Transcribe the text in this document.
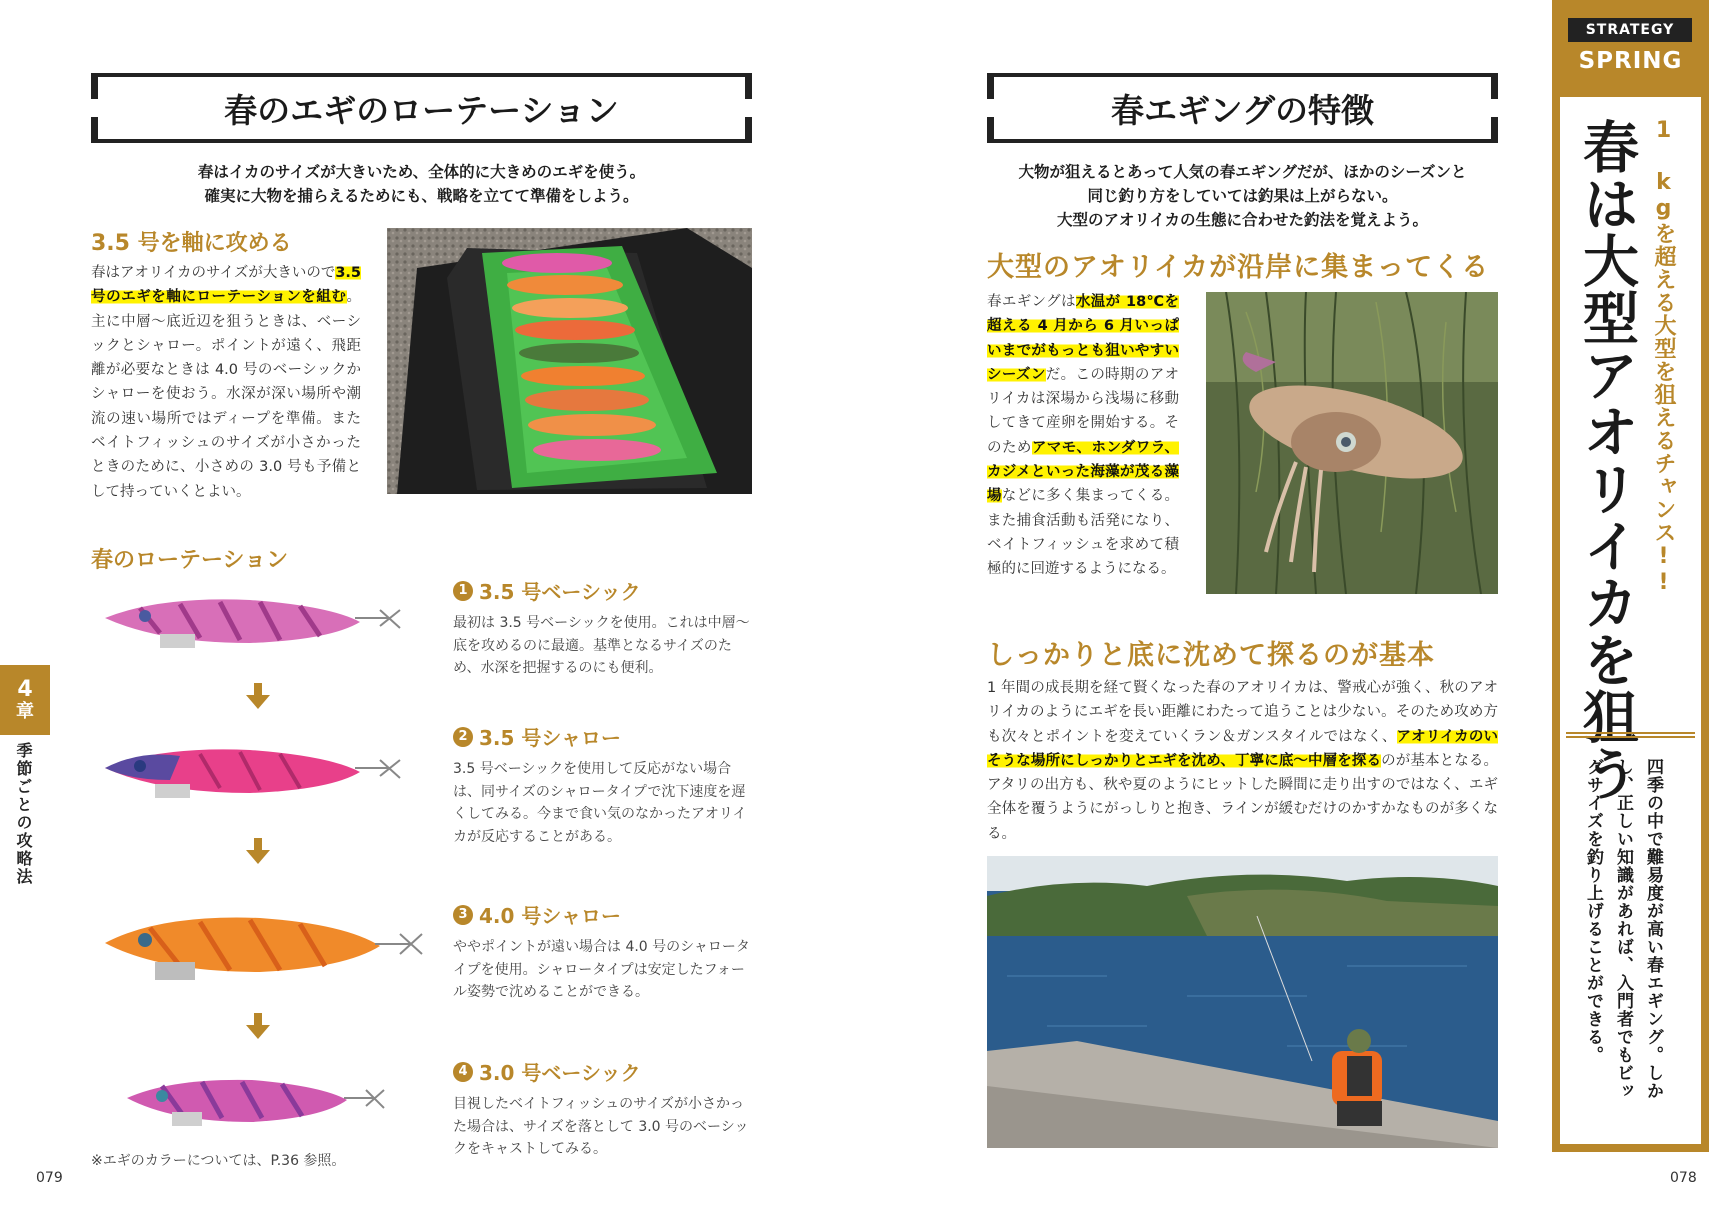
春のエギのローテーション
春はイカのサイズが大きいため、全体的に大きめのエギを使う。
確実に大物を捕らえるためにも、戦略を立てて準備をしよう。
3.5 号を軸に攻める
春はアオリイカのサイズが大きいので3.5 号のエギを軸にローテーションを組む。主に中層〜底近辺を狙うときは、ベーシックとシャロー。ポイントが遠く、飛距離が必要なときは 4.0 号のベーシックかシャローを使おう。水深が深い場所や潮流の速い場所ではディープを準備。またベイトフィッシュのサイズが小さかったときのために、小さめの 3.0 号も予備として持っていくとよい。
春のローテーション
1 3.5 号ベーシック
最初は 3.5 号ベーシックを使用。これは中層〜底を攻めるのに最適。基準となるサイズのため、水深を把握するのにも便利。
2 3.5 号シャロー
3.5 号ベーシックを使用して反応がない場合は、同サイズのシャロータイプで沈下速度を遅くしてみる。今まで食い気のなかったアオリイカが反応することがある。
3 4.0 号シャロー
ややポイントが遠い場合は 4.0 号のシャロータイプを使用。シャロータイプは安定したフォール姿勢で沈めることができる。
4 3.0 号ベーシック
目視したベイトフィッシュのサイズが小さかった場合は、サイズを落として 3.0 号のベーシックをキャストしてみる。
※エギのカラーについては、P.36 参照。
079
4
章
季節ごとの攻略法
春エギングの特徴
大物が狙えるとあって人気の春エギングだが、ほかのシーズンと
同じ釣り方をしていては釣果は上がらない。
大型のアオリイカの生態に合わせた釣法を覚えよう。
大型のアオリイカが沿岸に集まってくる
春エギングは水温が 18℃を超える 4 月から 6 月いっぱいまでがもっとも狙いやすいシーズンだ。この時期のアオリイカは深場から浅場に移動してきて産卵を開始する。そのためアマモ、ホンダワラ、カジメといった海藻が茂る藻場などに多く集まってくる。また捕食活動も活発になり、ベイトフィッシュを求めて積極的に回遊するようになる。
しっかりと底に沈めて探るのが基本
1 年間の成長期を経て賢くなった春のアオリイカは、警戒心が強く、秋のアオリイカのようにエギを長い距離にわたって追うことは少ない。そのため攻め方も次々とポイントを変えていくラン＆ガンスタイルではなく、アオリイカのいそうな場所にしっかりとエギを沈め、丁寧に底〜中層を探るのが基本となる。アタリの出方も、秋や夏のようにヒットした瞬間に走り出すのではなく、エギ全体を覆うようにがっしりと抱き、ラインが緩むだけのかすかなものが多くなる。
078
STRATEGY
SPRING
1 kgを超える大型を狙えるチャンス!!
春は大型アオリイカを狙う
四季の中で難易度が高い春エギング。しか
し、正しい知識があれば、入門者でもビッ
グサイズを釣り上げることができる。
